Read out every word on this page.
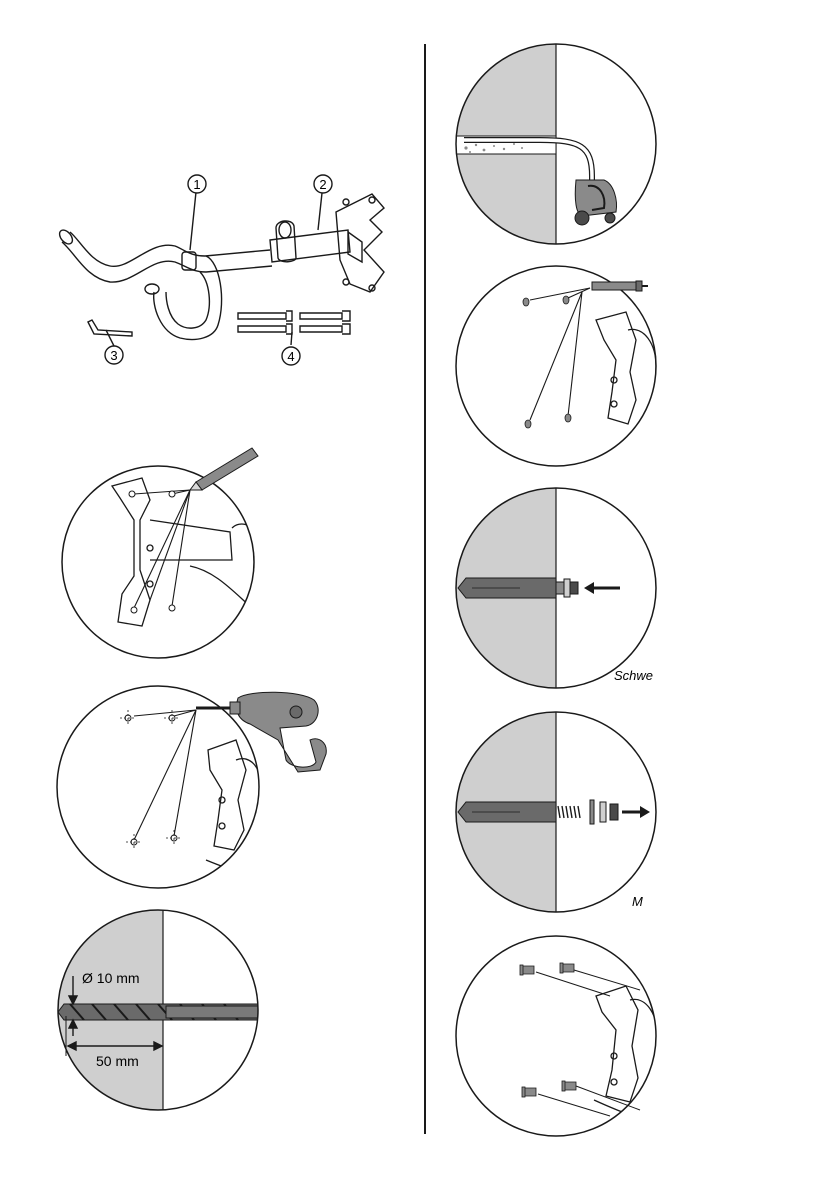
1	2
3	4
Ø 10 mm
50 mm
Schwe
M
